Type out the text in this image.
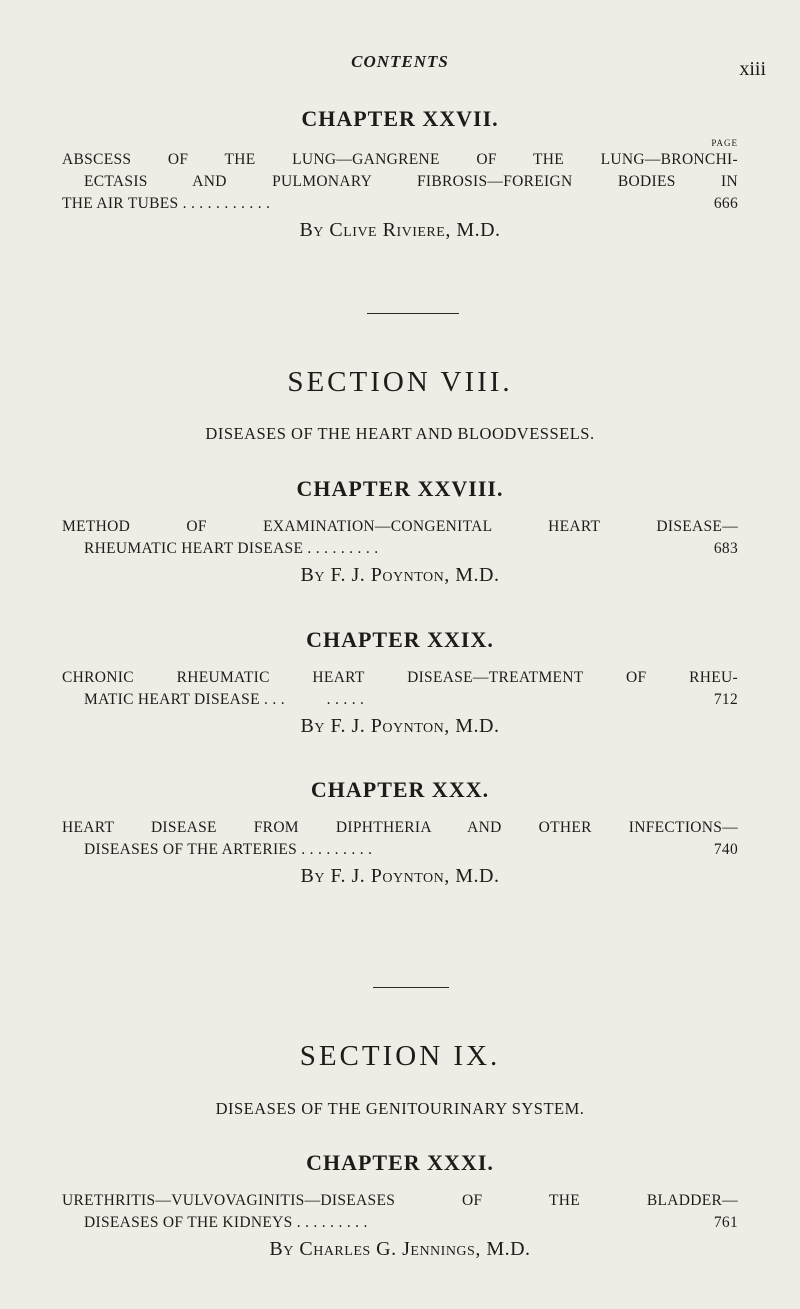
CONTENTS	xiii
CHAPTER XXVII.
PAGE
ABSCESS OF THE LUNG—GANGRENE OF THE LUNG—BRONCHI-
ECTASIS AND PULMONARY FIBROSIS—FOREIGN BODIES IN
THE AIR TUBES . . . . . . . . . . .	666
By Clive Riviere, M.D.
SECTION VIII.
DISEASES OF THE HEART AND BLOODVESSELS.
CHAPTER XXVIII.
METHOD OF EXAMINATION—CONGENITAL HEART DISEASE—
RHEUMATIC HEART DISEASE . . . . . . . . .	683
By F. J. Poynton, M.D.
CHAPTER XXIX.
CHRONIC RHEUMATIC HEART DISEASE—TREATMENT OF RHEU-
MATIC HEART DISEASE . . .          . . . . .	712
By F. J. Poynton, M.D.
CHAPTER XXX.
HEART DISEASE FROM DIPHTHERIA AND OTHER INFECTIONS—
DISEASES OF THE ARTERIES . . . . . . . . .	740
By F. J. Poynton, M.D.
SECTION IX.
DISEASES OF THE GENITOURINARY SYSTEM.
CHAPTER XXXI.
URETHRITIS—VULVOVAGINITIS—DISEASES OF THE BLADDER—
DISEASES OF THE KIDNEYS . . . . . . . . .	761
By Charles G. Jennings, M.D.
